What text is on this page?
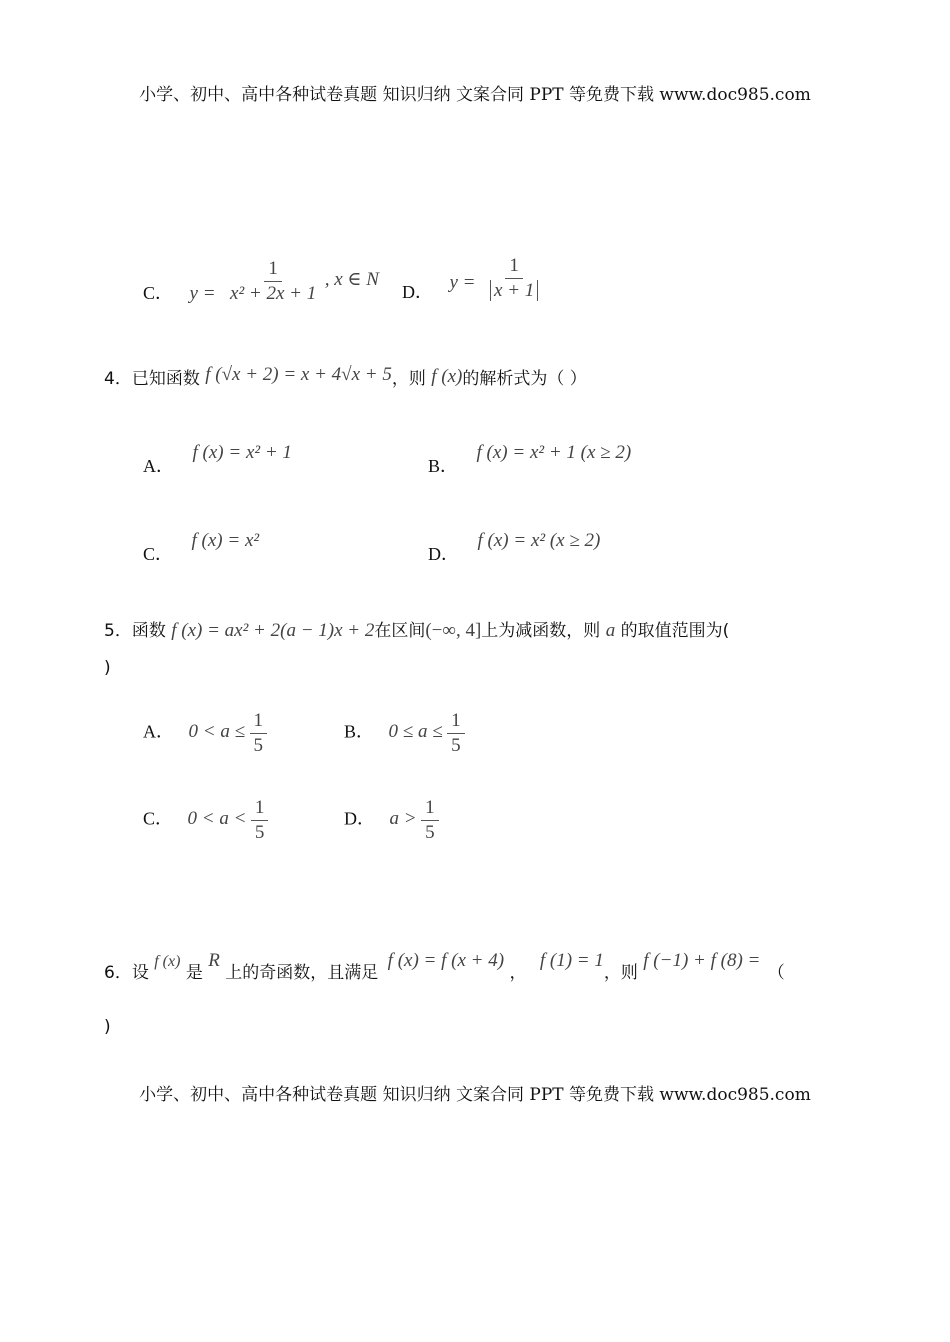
小学、初中、高中各种试卷真题 知识归纳 文案合同 PPT 等免费下载 www.doc985.com
C． $y = \frac{1}{\text{x² + 2x + 1}}$ , x ∈ N
D． $y = \frac{1}{x + 1}$
4．已知函数 f (√x + 2) = x + 4√x + 5，则 f (x)的解析式为（ ）
A． f (x) = x² + 1
B． f (x) = x² + 1 (x ≥ 2)
C． f (x) = x²
D． f (x) = x² (x ≥ 2)
5．函数 f (x) = ax² + 2(a − 1)x + 2在区间(−∞, 4]上为减函数，则 a 的取值范围为(
)
A． $0 < a \le \frac{1}{5}$	B． $0 \le a \le \frac{1}{5}$
C． $0 < a < \frac{1}{5}$	D． $a > \frac{1}{5}$
6．设 f (x) 是 R 上的奇函数，且满足 f (x) = f (x + 4) ， f (1) = 1，则 f (−1) + f (8) = （
)
小学、初中、高中各种试卷真题 知识归纳 文案合同 PPT 等免费下载 www.doc985.com
